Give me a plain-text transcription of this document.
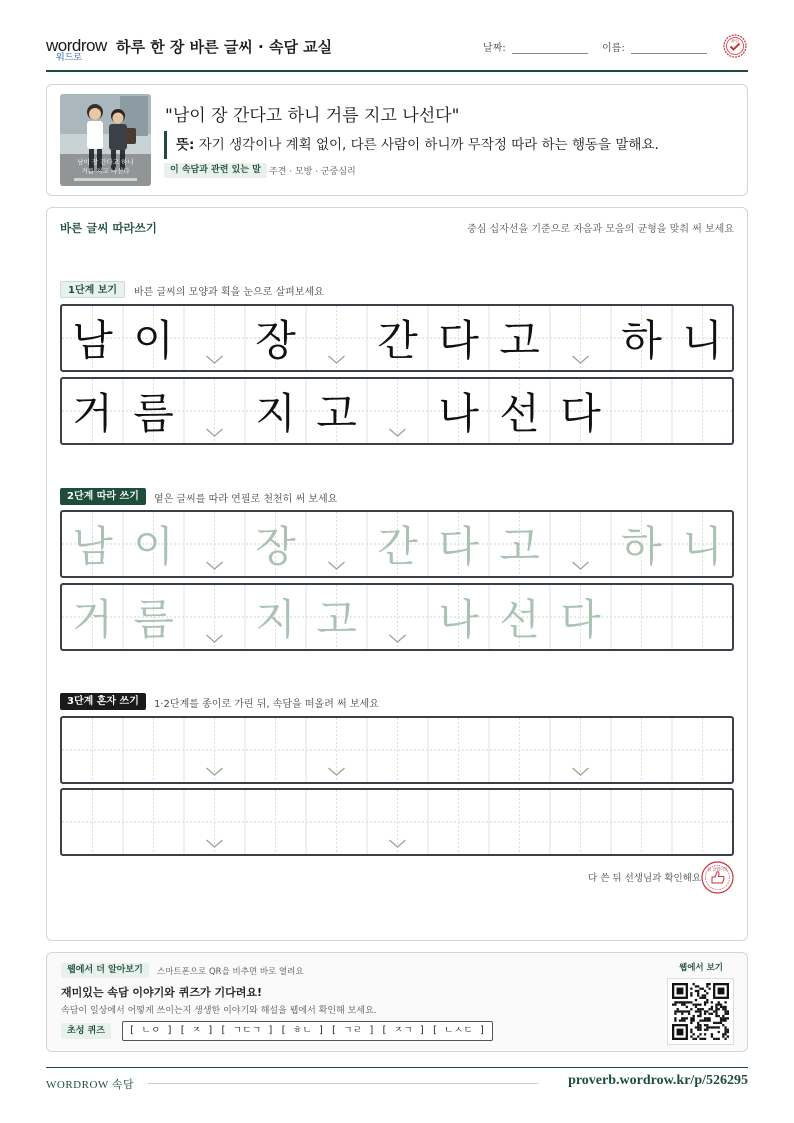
wordrow
워드로
하루 한 장 바른 글씨 · 속담 교실	날짜:	이름:
확인
남이 장 간다고 하니
거름 지고 나선다
"남이 장 간다고 하니 거름 지고 나선다"
뜻: 자기 생각이나 계획 없이, 다른 사람이 하니까 무작정 따라 하는 행동을 말해요.
이 속담과 관련 있는 말 주견 · 모방 · 군중심리
바른 글씨 따라쓰기	중심 십자선을 기준으로 자음과 모음의 균형을 맞춰 써 보세요
1단계 보기	바른 글씨의 모양과 획을 눈으로 살펴보세요
남 이 장 간 다 고 하 니
거 름 지 고 나 선 다
2단계 따라 쓰기	옅은 글씨를 따라 연필로 천천히 써 보세요
남 이 장 간 다 고 하 니
거 름 지 고 나 선 다
3단계 혼자 쓰기	1·2단계를 종이로 가린 뒤, 속담을 떠올려 써 보세요
다 쓴 뒤 선생님과 확인해요
참 잘했어요
웹에서 더 알아보기	스마트폰으로 QR을 비추면 바로 열려요
재미있는 속담 이야기와 퀴즈가 기다려요!
속담이 일상에서 어떻게 쓰이는지 생생한 이야기와 해설을 웹에서 확인해 보세요.
초성 퀴즈	[ ㄴㅇ ] [ ㅈ ] [ ㄱㄷㄱ ] [ ㅎㄴ ] [ ㄱㄹ ] [ ㅈㄱ ] [ ㄴㅅㄷ ]
웹에서 보기
WORDROW 속담	proverb.wordrow.kr/p/526295
